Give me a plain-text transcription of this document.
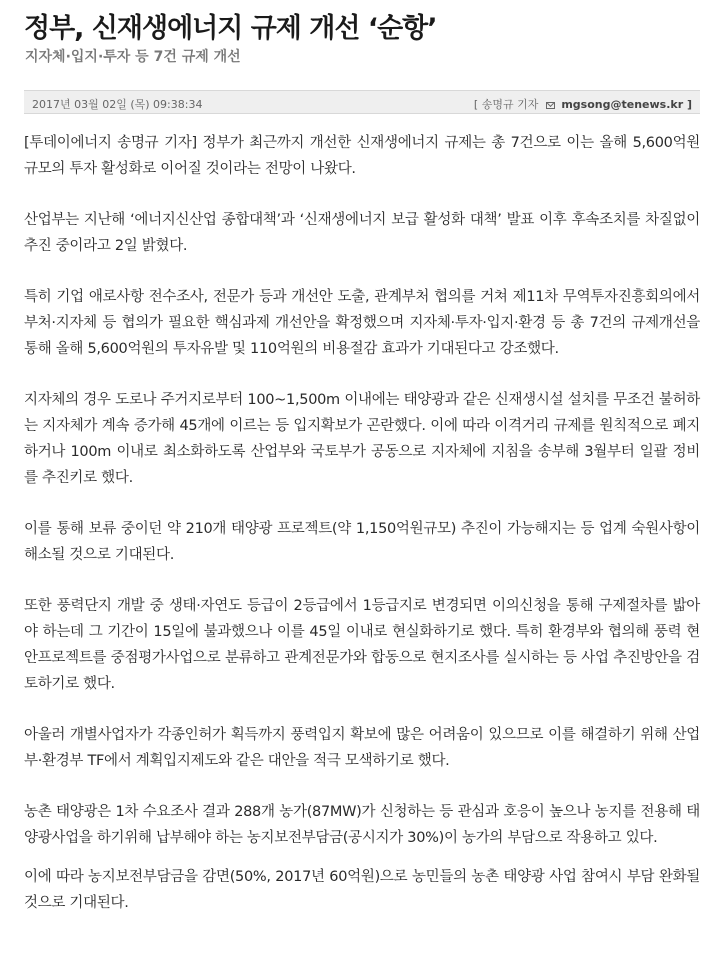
정부, 신재생에너지 규제 개선 ‘순항’
지자체·입지·투자 등 7건 규제 개선
2017년 03월 02일 (목) 09:38:34	[ 송명규 기자 mgsong@tenews.kr ]

[투데이에너지 송명규 기자] 정부가 최근까지 개선한 신재생에너지 규제는 총 7건으로 이는 올해 5,600억원 규모의 투자 활성화로 이어질 것이라는 전망이 나왔다.

산업부는 지난해 ‘에너지신산업 종합대책’과 ‘신재생에너지 보급 활성화 대책’ 발표 이후 후속조치를 차질없이 추진 중이라고 2일 밝혔다.

특히 기업 애로사항 전수조사, 전문가 등과 개선안 도출, 관계부처 협의를 거쳐 제11차 무역투자진흥회의에서 부처·지자체 등 협의가 필요한 핵심과제 개선안을 확정했으며 지자체·투자·입지·환경 등 총 7건의 규제개선을 통해 올해 5,600억원의 투자유발 및 110억원의 비용절감 효과가 기대된다고 강조했다.

지자체의 경우 도로나 주거지로부터 100~1,500m 이내에는 태양광과 같은 신재생시설 설치를 무조건 불허하는 지자체가 계속 증가해 45개에 이르는 등 입지확보가 곤란했다. 이에 따라 이격거리 규제를 원칙적으로 폐지하거나 100m 이내로 최소화하도록 산업부와 국토부가 공동으로 지자체에 지침을 송부해 3월부터 일괄 정비를 추진키로 했다.

이를 통해 보류 중이던 약 210개 태양광 프로젝트(약 1,150억원규모) 추진이 가능해지는 등 업계 숙원사항이 해소될 것으로 기대된다.

또한 풍력단지 개발 중 생태·자연도 등급이 2등급에서 1등급지로 변경되면 이의신청을 통해 구제절차를 밟아야 하는데 그 기간이 15일에 불과했으나 이를 45일 이내로 현실화하기로 했다. 특히 환경부와 협의해 풍력 현안프로젝트를 중점평가사업으로 분류하고 관계전문가와 합동으로 현지조사를 실시하는 등 사업 추진방안을 검토하기로 했다.

아울러 개별사업자가 각종인허가 획득까지 풍력입지 확보에 많은 어려움이 있으므로 이를 해결하기 위해 산업부·환경부 TF에서 계획입지제도와 같은 대안을 적극 모색하기로 했다.

농촌 태양광은 1차 수요조사 결과 288개 농가(87MW)가 신청하는 등 관심과 호응이 높으나 농지를 전용해 태양광사업을 하기위해 납부해야 하는 농지보전부담금(공시지가 30%)이 농가의 부담으로 작용하고 있다.

이에 따라 농지보전부담금을 감면(50%, 2017년 60억원)으로 농민들의 농촌 태양광 사업 참여시 부담 완화될 것으로 기대된다.
